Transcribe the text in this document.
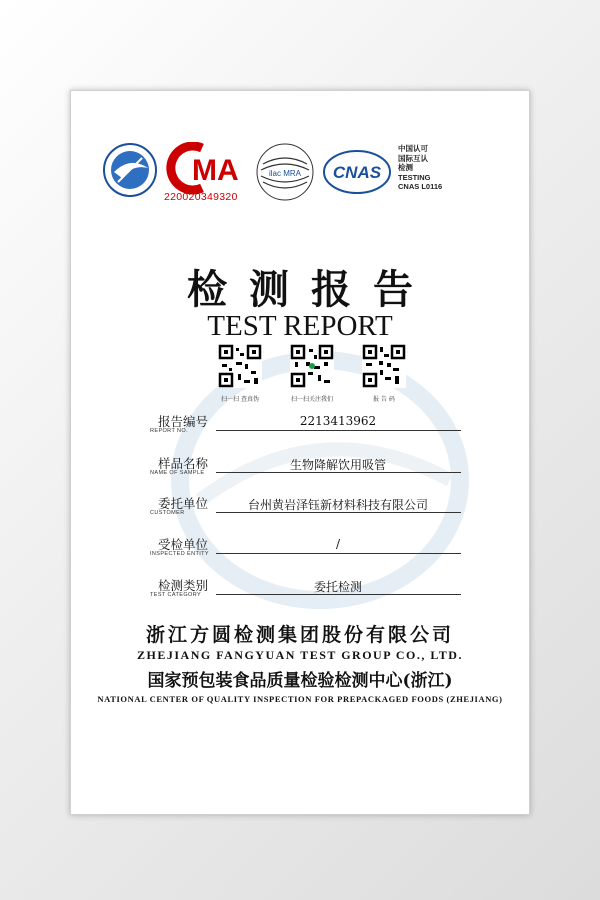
MA
220020349320
ilac MRA CNAS
中国认可
国际互认
检测
TESTING
CNAS L0116
检测报告
TEST REPORT
扫一扫 查真伪	扫一扫关注我们	报 告 码
报告编号
REPORT NO.
2213413962
样品名称
NAME OF SAMPLE
生物降解饮用吸管
委托单位
CUSTOMER
台州黄岩泽钰新材料科技有限公司
受检单位
INSPECTED ENTITY
/
检测类别
TEST CATEGORY
委托检测
浙江方圆检测集团股份有限公司
ZHEJIANG FANGYUAN TEST GROUP CO., LTD.
国家预包装食品质量检验检测中心(浙江)
NATIONAL CENTER OF QUALITY INSPECTION FOR PREPACKAGED FOODS (ZHEJIANG)
